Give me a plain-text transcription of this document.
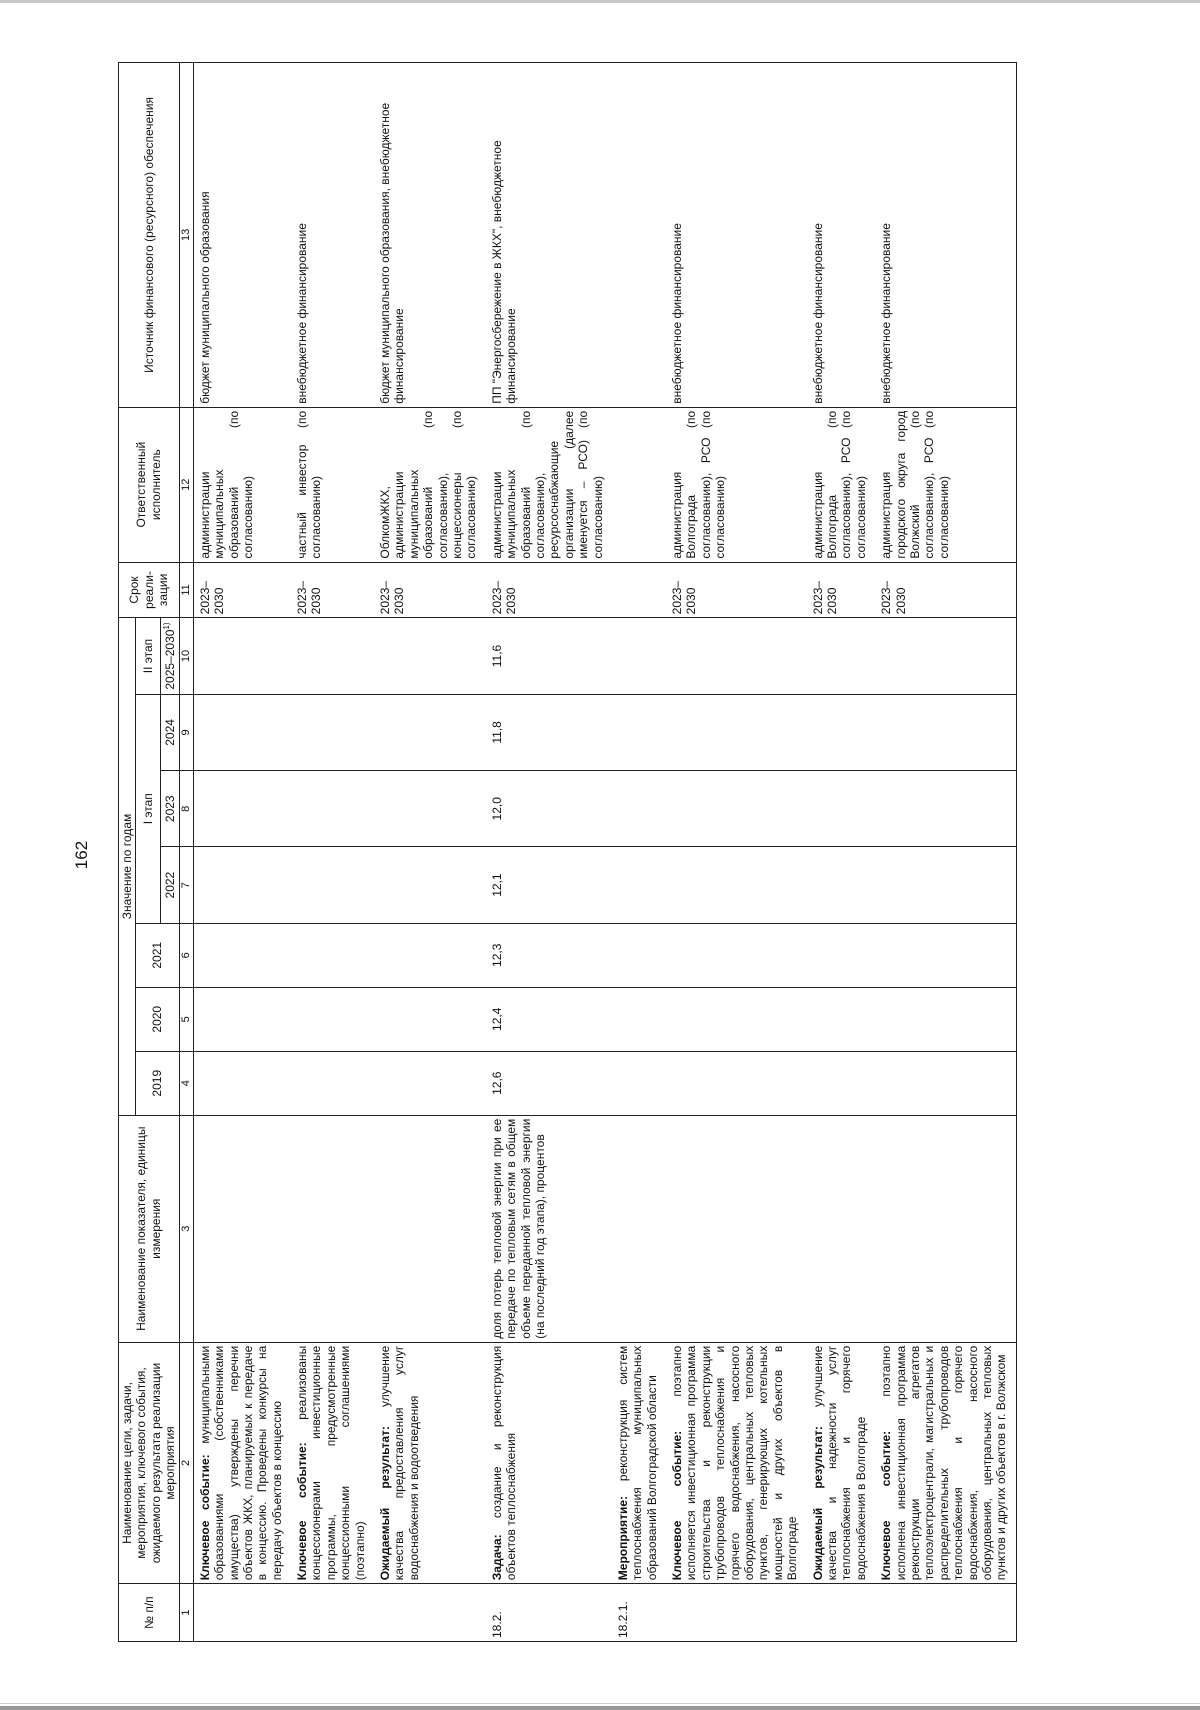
162
№ п/п	Наименование цели, задачи, мероприятия, ключевого события, ожидаемого результата реализации мероприятия	Наименование показателя, единицы измерения	Значение по годам							Срок реали-зации	Ответственный исполнитель	Источник финансового (ресурсного) обеспечения
			2019	2020	2021	I этап			II этап			
						2022	2023	2024	2025–2030$^{1)}$
1	2	3	4	5	6	7	8	9	10	11	12	13
	Ключевое событие: муниципальными образованиями (собственниками имущества) утверждены перечни объектов ЖКХ, планируемых к передаче в концессию. Проведены конкурсы на передачу объектов в концессию									2023–2030	администрации муниципальных образований (по согласованию)	бюджет муниципального образования
	Ключевое событие: реализованы концессионерами инвестиционные программы, предусмотренные концессионными соглашениями (поэтапно)									2023–2030	частный инвестор (по согласованию)	внебюджетное финансирование
	Ожидаемый результат: улучшение качества предоставления услуг водоснабжения и водоотведения									2023–2030	ОблкомЖКХ, администрации муниципальных образований (по согласованию), концессионеры (по согласованию)	бюджет муниципального образования, внебюджетное финансирование
18.2.	Задача: создание и реконструкция объектов теплоснабжения	доля потерь тепловой энергии при ее передаче по тепловым сетям в общем объеме переданной тепловой энергии (на последний год этапа), процентов	12,6	12,4	12,3	12,1	12,0	11,8	11,6	2023–2030	администрации муниципальных образований (по согласованию), ресурсоснабжающие организации (далее именуется – РСО) (по согласованию)	ПП "Энергосбережение в ЖКХ", внебюджетное финансирование
18.2.1.	Мероприятие: реконструкция систем теплоснабжения муниципальных образований Волгоградской области											
	Ключевое событие: поэтапно исполняется инвестиционная программа строительства и реконструкции трубопроводов теплоснабжения и горячего водоснабжения, насосного оборудования, центральных тепловых пунктов, генерирующих котельных мощностей и других объектов в Волгограде									2023–2030	администрация Волгограда (по согласованию), РСО (по согласованию)	внебюджетное финансирование
	Ожидаемый результат: улучшение качества и надежности услуг теплоснабжения и горячего водоснабжения в Волгограде									2023–2030	администрация Волгограда (по согласованию), РСО (по согласованию)	внебюджетное финансирование
	Ключевое событие: поэтапно исполнена инвестиционная программа реконструкции агрегатов теплоэлектроцентрали, магистральных и распределительных трубопроводов теплоснабжения и горячего водоснабжения, насосного оборудования, центральных тепловых пунктов и других объектов в г. Волжском									2023–2030	администрация городского округа город Волжский (по согласованию), РСО (по согласованию)	внебюджетное финансирование
